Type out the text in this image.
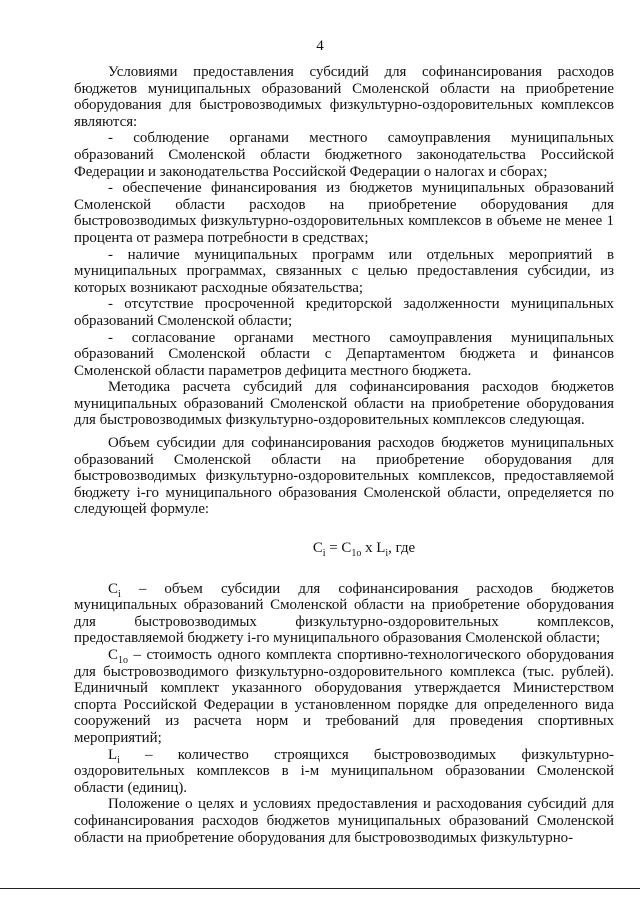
4

Условиями предоставления субсидий для софинансирования расходов бюджетов муниципальных образований Смоленской области на приобретение оборудования для быстровозводимых физкультурно-оздоровительных комплексов являются:

- соблюдение органами местного самоуправления муниципальных образований Смоленской области бюджетного законодательства Российской Федерации и законодательства Российской Федерации о налогах и сборах;

- обеспечение финансирования из бюджетов муниципальных образований Смоленской области расходов на приобретение оборудования для быстровозводимых физкультурно-оздоровительных комплексов в объеме не менее 1 процента от размера потребности в средствах;

- наличие муниципальных программ или отдельных мероприятий в муниципальных программах, связанных с целью предоставления субсидии, из которых возникают расходные обязательства;

- отсутствие просроченной кредиторской задолженности муниципальных образований Смоленской области;

- согласование органами местного самоуправления муниципальных образований Смоленской области с Департаментом бюджета и финансов Смоленской области параметров дефицита местного бюджета.

Методика расчета субсидий для софинансирования расходов бюджетов муниципальных образований Смоленской области на приобретение оборудования для быстровозводимых физкультурно-оздоровительных комплексов следующая.

Объем субсидии для софинансирования расходов бюджетов муниципальных образований Смоленской области на приобретение оборудования для быстровозводимых физкультурно-оздоровительных комплексов, предоставляемой бюджету i-го муниципального образования Смоленской области, определяется по следующей формуле:

$C_i = C_{1o}$ x $L_i$, где

$C_i$ – объем субсидии для софинансирования расходов бюджетов муниципальных образований Смоленской области на приобретение оборудования для быстровозводимых физкультурно-оздоровительных комплексов, предоставляемой бюджету i-го муниципального образования Смоленской области;

$C_{1o}$ – стоимость одного комплекта спортивно-технологического оборудования для быстровозводимого физкультурно-оздоровительного комплекса (тыс. рублей). Единичный комплект указанного оборудования утверждается Министерством спорта Российской Федерации в установленном порядке для определенного вида сооружений из расчета норм и требований для проведения спортивных мероприятий;

$L_i$ – количество строящихся быстровозводимых физкультурно-оздоровительных комплексов в i-м муниципальном образовании Смоленской области (единиц).

Положение о целях и условиях предоставления и расходования субсидий для софинансирования расходов бюджетов муниципальных образований Смоленской области на приобретение оборудования для быстровозводимых физкультурно-
